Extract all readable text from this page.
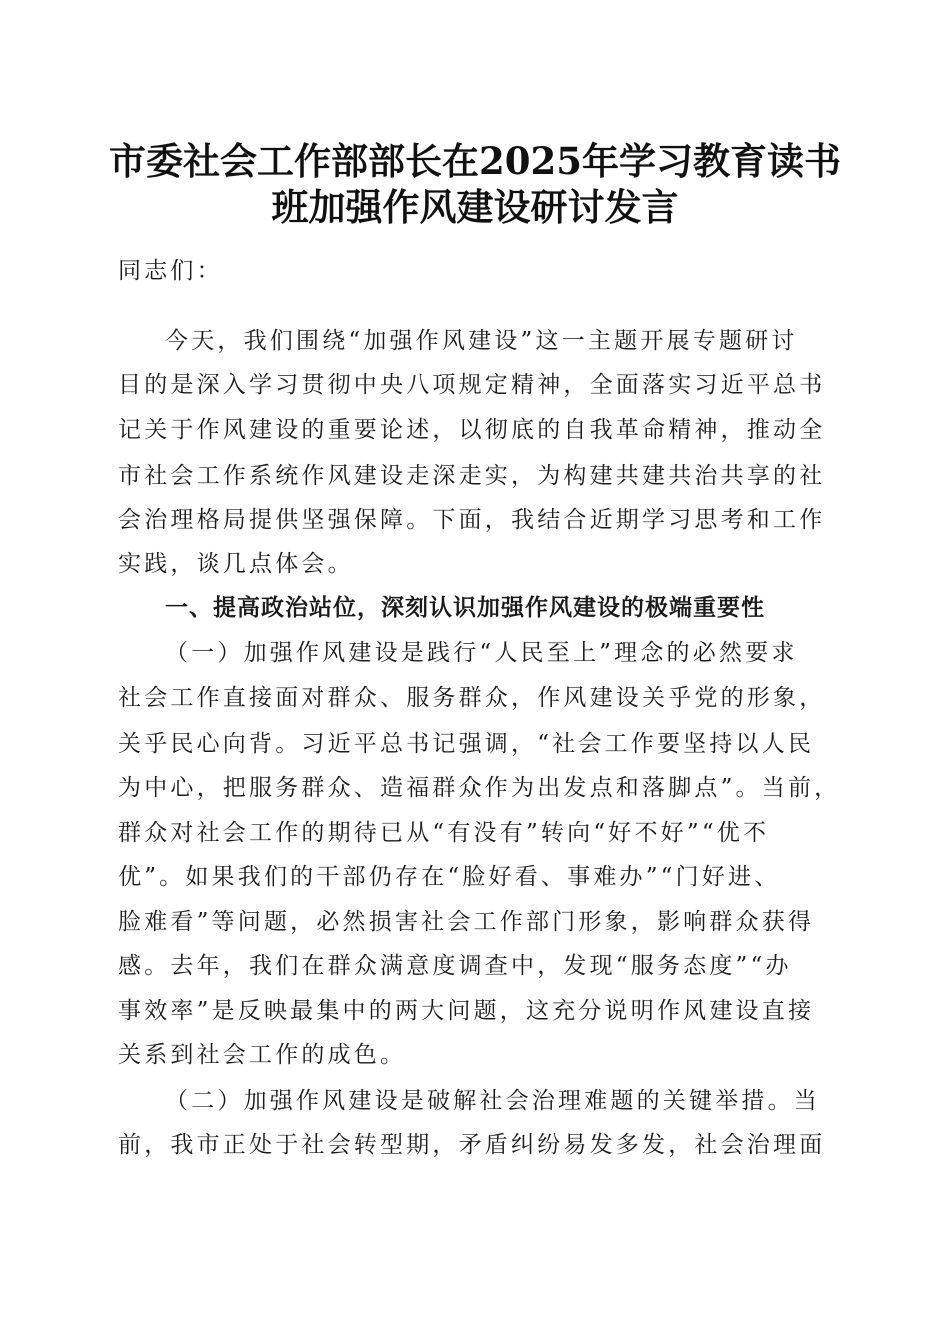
市委社会工作部部长在2025年学习教育读书
班加强作风建设研讨发言
同志们：
今天，我们围绕“加强作风建设”这一主题开展专题研讨
目的是深入学习贯彻中央八项规定精神，全面落实习近平总书
记关于作风建设的重要论述，以彻底的自我革命精神，推动全
市社会工作系统作风建设走深走实，为构建共建共治共享的社
会治理格局提供坚强保障。下面，我结合近期学习思考和工作
实践，谈几点体会。
一、提高政治站位，深刻认识加强作风建设的极端重要性
（一）加强作风建设是践行“人民至上”理念的必然要求
社会工作直接面对群众、服务群众，作风建设关乎党的形象，
关乎民心向背。习近平总书记强调，“社会工作要坚持以人民
为中心，把服务群众、造福群众作为出发点和落脚点”。当前，
群众对社会工作的期待已从“有没有”转向“好不好”“优不
优”。如果我们的干部仍存在“脸好看、事难办”“门好进、
脸难看”等问题，必然损害社会工作部门形象，影响群众获得
感。去年，我们在群众满意度调查中，发现“服务态度”“办
事效率”是反映最集中的两大问题，这充分说明作风建设直接
关系到社会工作的成色。
（二）加强作风建设是破解社会治理难题的关键举措。当
前，我市正处于社会转型期，矛盾纠纷易发多发，社会治理面
